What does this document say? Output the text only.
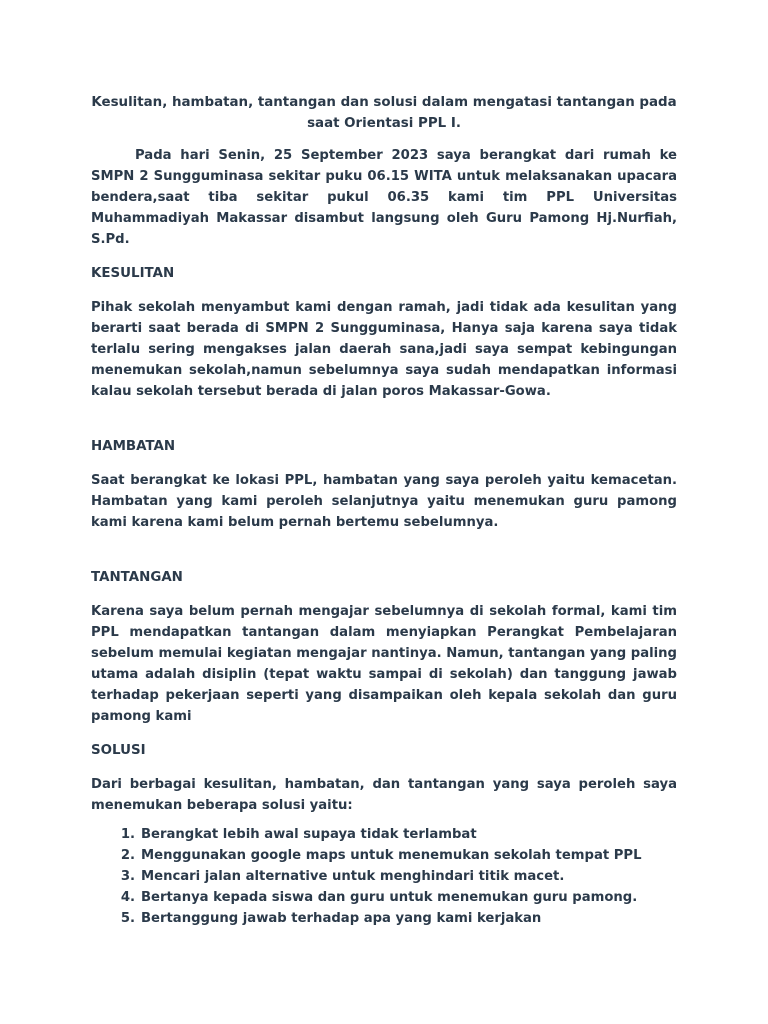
Kesulitan, hambatan, tantangan dan solusi dalam mengatasi tantangan pada saat Orientasi PPL I.

Pada hari Senin, 25 September 2023 saya berangkat dari rumah ke SMPN 2 Sungguminasa sekitar puku 06.15 WITA untuk melaksanakan upacara bendera,saat tiba sekitar pukul 06.35 kami tim PPL Universitas Muhammadiyah Makassar disambut langsung oleh Guru Pamong Hj.Nurfiah, S.Pd.

KESULITAN

Pihak sekolah menyambut kami dengan ramah, jadi tidak ada kesulitan yang berarti saat berada di SMPN 2 Sungguminasa, Hanya saja karena saya tidak terlalu sering mengakses jalan daerah sana,jadi saya sempat kebingungan menemukan sekolah,namun sebelumnya saya sudah mendapatkan informasi kalau sekolah tersebut berada di jalan poros Makassar-Gowa.

HAMBATAN

Saat berangkat ke lokasi PPL, hambatan yang saya peroleh yaitu kemacetan. Hambatan yang kami peroleh selanjutnya yaitu menemukan guru pamong kami karena kami belum pernah bertemu sebelumnya.

TANTANGAN

Karena saya belum pernah mengajar sebelumnya di sekolah formal, kami tim PPL mendapatkan tantangan dalam menyiapkan Perangkat Pembelajaran sebelum memulai kegiatan mengajar nantinya. Namun, tantangan yang paling utama adalah disiplin (tepat waktu sampai di sekolah) dan tanggung jawab terhadap pekerjaan seperti yang disampaikan oleh kepala sekolah dan guru pamong kami

SOLUSI

Dari berbagai kesulitan, hambatan, dan tantangan yang saya peroleh saya menemukan beberapa solusi yaitu:

1. Berangkat lebih awal supaya tidak terlambat
2. Menggunakan google maps untuk menemukan sekolah tempat PPL
3. Mencari jalan alternative untuk menghindari titik macet.
4. Bertanya kepada siswa dan guru untuk menemukan guru pamong.
5. Bertanggung jawab terhadap apa yang kami kerjakan
